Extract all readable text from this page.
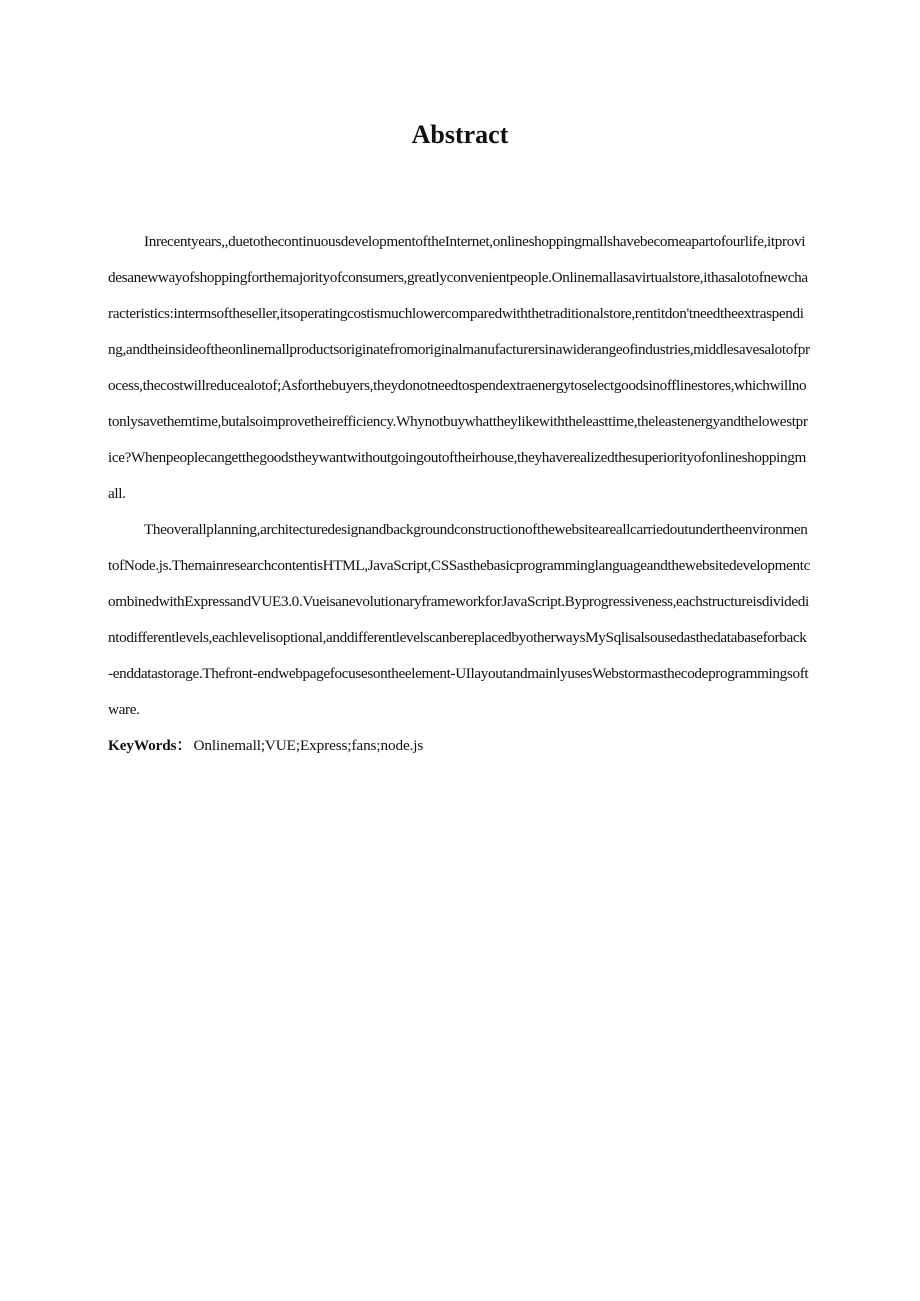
Abstract

Inrecentyears,,duetothecontinuousdevelopmentoftheInternet,onlineshoppingmallshavebecomeapartofourlife,itprovidesanewwayofshoppingforthemajorityofconsumers,greatlyconvenientpeople.Onlinemallasavirtualstore,ithasalotofnewcharacteristics:intermsoftheseller,itsoperatingcostismuchlowercomparedwiththetraditionalstore,rentitdon'tneedtheextraspending,andtheinsideoftheonlinemallproductsoriginatefromoriginalmanufacturersinawiderangeofindustries,middlesavesalotofprocess,thecostwillreducealotof;Asforthebuyers,theydonotneedtospendextraenergytoselectgoodsinofflinestores,whichwillnotonlysavethemtime,butalsoimprovetheirefficiency.Whynotbuywhattheylikewiththeleasttime,theleastenergyandthelowestprice?Whenpeoplecangetthegoodstheywantwithoutgoingoutoftheirhouse,theyhaverealizedthesuperiorityofonlineshoppingmall.

Theoverallplanning,architecturedesignandbackgroundconstructionofthewebsiteareallcarriedoutundertheenvironmentofNode.js.ThemainresearchcontentisHTML,JavaScript,CSSasthebasicprogramminglanguageandthewebsitedevelopmentcombinedwithExpressandVUE3.0.VueisanevolutionaryframeworkforJavaScript.Byprogressiveness,eachstructureisdividedintodifferentlevels,eachlevelisoptional,anddifferentlevelscanbereplacedbyotherwaysMySqlisalsousedasthedatabaseforback-enddatastorage.Thefront-endwebpagefocusesontheelement-UIlayoutandmainlyusesWebstormasthecodeprogrammingsoftware.

KeyWords： Onlinemall;VUE;Express;fans;node.js
